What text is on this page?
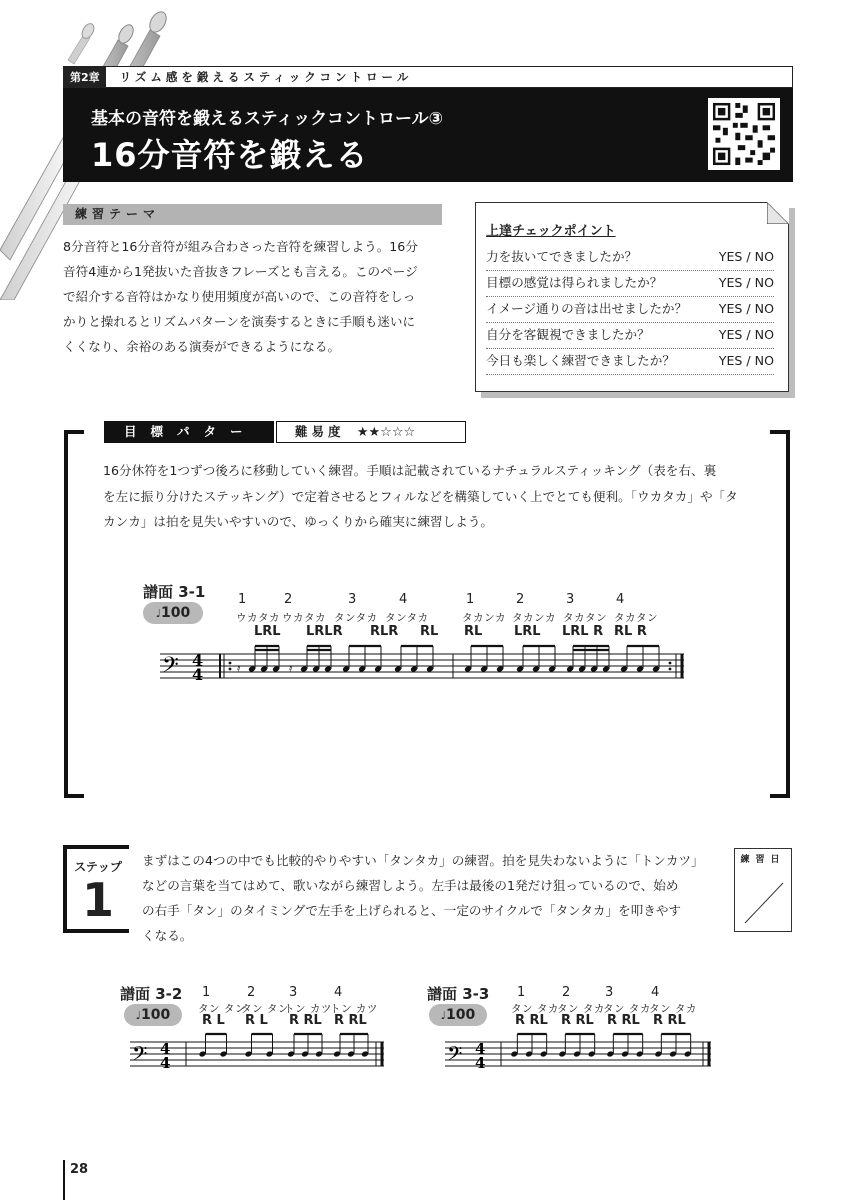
第2章	リズム感を鍛えるスティックコントロール
基本の音符を鍛えるスティックコントロール③
16分音符を鍛える
練習テーマ
8分音符と16分音符が組み合わさった音符を練習しよう。16分
音符4連から1発抜いた音抜きフレーズとも言える。このページ
で紹介する音符はかなり使用頻度が高いので、この音符をしっ
かりと操れるとリズムパターンを演奏するときに手順も迷いに
くくなり、余裕のある演奏ができるようになる。
上達チェックポイント
力を抜いてできましたか？	YES / NO
目標の感覚は得られましたか？	YES / NO
イメージ通りの音は出せましたか？	YES / NO
自分を客観視できましたか？	YES / NO
今日も楽しく練習できましたか？	YES / NO
目標パターン
難易度 ★★☆☆☆
16分休符を1つずつ後ろに移動していく練習。手順は記載されているナチュラルスティッキング（表を右、裏
を左に振り分けたステッキング）で定着させるとフィルなどを構築していく上でとても便利。「ウカタカ」や「タ
カンカ」は拍を見失いやすいので、ゆっくりから確実に練習しよう。
譜面 3-1
♩100
1	2	3	4	1	2	3	4
ウカタカ ウカタカ タンタカ タンタカ	タカンカ タカンカ タカタン タカタン
LRL LRLR RLR RL RL LRL LRL R RL R
𝄢 4
4	𝄿	𝄿
ステップ
1
まずはこの4つの中でも比較的やりやすい「タンタカ」の練習。拍を見失わないように「トンカツ」
などの言葉を当てはめて、歌いながら練習しよう。左手は最後の1発だけ狙っているので、始め
の右手「タン」のタイミングで左手を上げられると、一定のサイクルで「タンタカ」を叩きやす
くなる。
練習日
譜面 3-2
♩100
1	2	3	4
タン タン
タン タン
トン カツ
トン カツ
R L R L R RL R RL
𝄢 4
4
譜面 3-3
♩100
1	2	3	4
タン タカ
タン タカ
タン タカ
タン タカ
R RL R RL R RL R RL
𝄢 4
4
28
